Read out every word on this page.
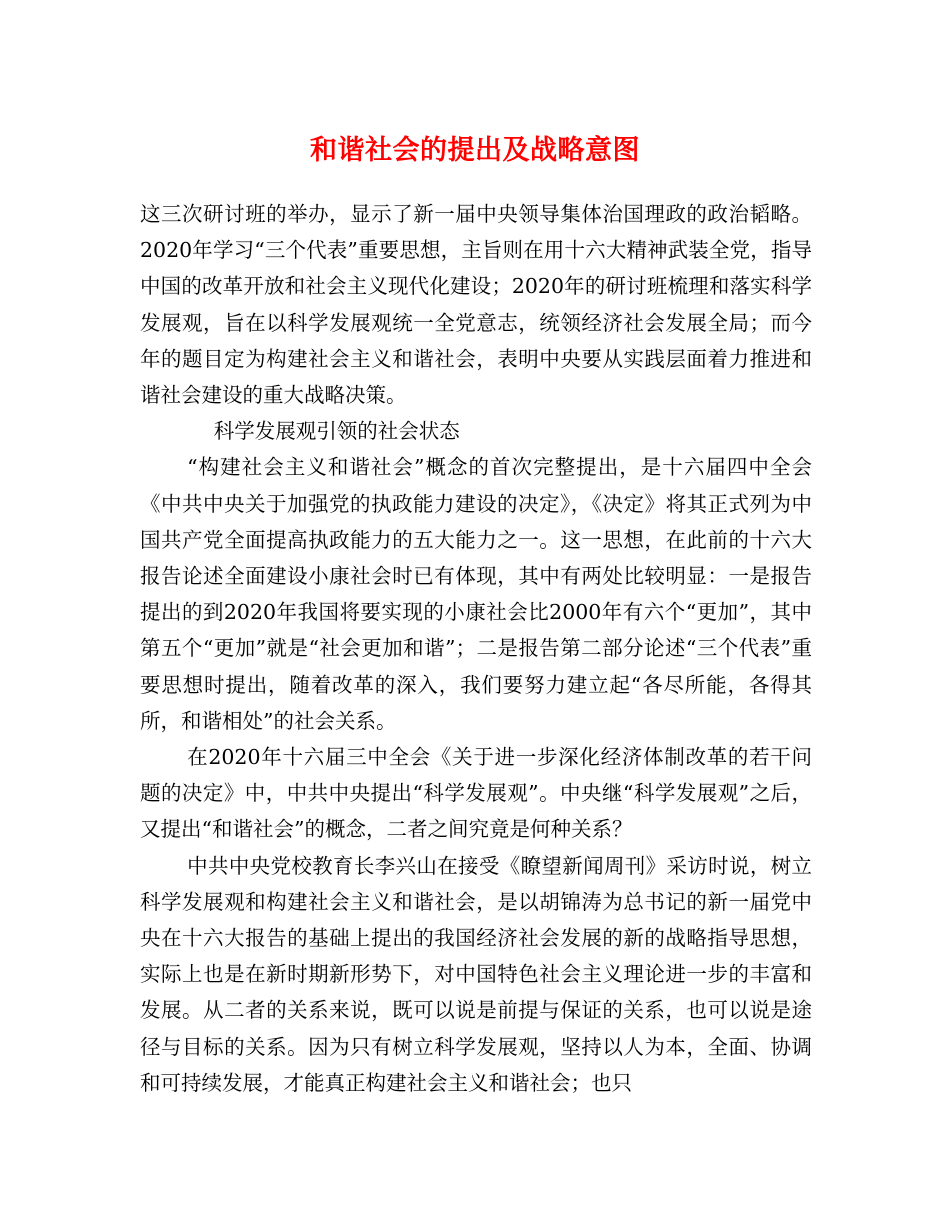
和谐社会的提出及战略意图

这三次研讨班的举办，显示了新一届中央领导集体治国理政的政治韬略。2020年学习“三个代表”重要思想，主旨则在用十六大精神武装全党，指导中国的改革开放和社会主义现代化建设；2020年的研讨班梳理和落实科学发展观，旨在以科学发展观统一全党意志，统领经济社会发展全局；而今年的题目定为构建社会主义和谐社会，表明中央要从实践层面着力推进和谐社会建设的重大战略决策。

科学发展观引领的社会状态

“构建社会主义和谐社会”概念的首次完整提出，是十六届四中全会《中共中央关于加强党的执政能力建设的决定》，《决定》将其正式列为中国共产党全面提高执政能力的五大能力之一。这一思想，在此前的十六大报告论述全面建设小康社会时已有体现，其中有两处比较明显：一是报告提出的到2020年我国将要实现的小康社会比2000年有六个“更加”，其中第五个“更加”就是“社会更加和谐”；二是报告第二部分论述“三个代表”重要思想时提出，随着改革的深入，我们要努力建立起“各尽所能，各得其所，和谐相处”的社会关系。

在2020年十六届三中全会《关于进一步深化经济体制改革的若干问题的决定》中，中共中央提出“科学发展观”。中央继“科学发展观”之后，又提出“和谐社会”的概念，二者之间究竟是何种关系？

中共中央党校教育长李兴山在接受《瞭望新闻周刊》采访时说，树立科学发展观和构建社会主义和谐社会，是以胡锦涛为总书记的新一届党中央在十六大报告的基础上提出的我国经济社会发展的新的战略指导思想，实际上也是在新时期新形势下，对中国特色社会主义理论进一步的丰富和发展。从二者的关系来说，既可以说是前提与保证的关系，也可以说是途径与目标的关系。因为只有树立科学发展观，坚持以人为本，全面、协调和可持续发展，才能真正构建社会主义和谐社会；也只
